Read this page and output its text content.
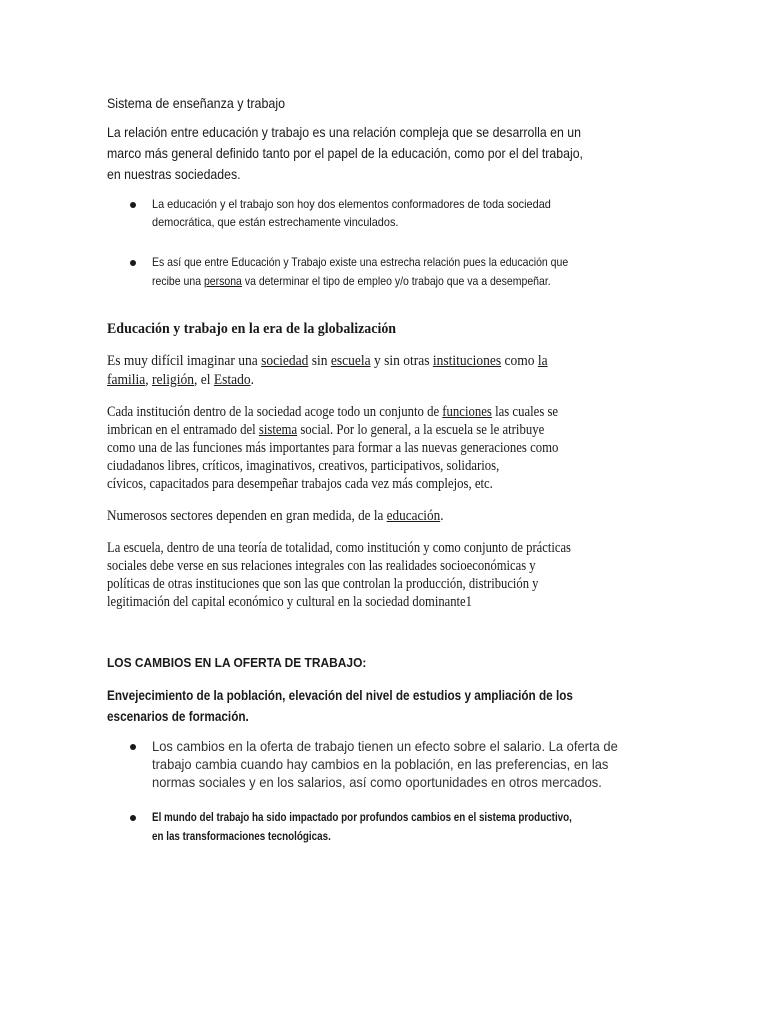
Sistema de enseñanza y trabajo
La relación entre educación y trabajo es una relación compleja que se desarrolla en un
marco más general definido tanto por el papel de la educación, como por el del trabajo,
en nuestras sociedades.
La educación y el trabajo son hoy dos elementos conformadores de toda sociedad
democrática, que están estrechamente vinculados.
Es así que entre Educación y Trabajo existe una estrecha relación pues la educación que
recibe una persona va determinar el tipo de empleo y/o trabajo que va a desempeñar.
Educación y trabajo en la era de la globalización
Es muy difícil imaginar una sociedad sin escuela y sin otras instituciones como la
familia, religión, el Estado.
Cada institución dentro de la sociedad acoge todo un conjunto de funciones las cuales se
imbrican en el entramado del sistema social. Por lo general, a la escuela se le atribuye
como una de las funciones más importantes para formar a las nuevas generaciones como
ciudadanos libres, críticos, imaginativos, creativos, participativos, solidarios,
cívicos, capacitados para desempeñar trabajos cada vez más complejos, etc.
Numerosos sectores dependen en gran medida, de la educación.
La escuela, dentro de una teoría de totalidad, como institución y como conjunto de prácticas
sociales debe verse en sus relaciones integrales con las realidades socioeconómicas y
políticas de otras instituciones que son las que controlan la producción, distribución y
legitimación del capital económico y cultural en la sociedad dominante1
LOS CAMBIOS EN LA OFERTA DE TRABAJO:
Envejecimiento de la población, elevación del nivel de estudios y ampliación de los
escenarios de formación.
Los cambios en la oferta de trabajo tienen un efecto sobre el salario. La oferta de
trabajo cambia cuando hay cambios en la población, en las preferencias, en las
normas sociales y en los salarios, así como oportunidades en otros mercados.
El mundo del trabajo ha sido impactado por profundos cambios en el sistema productivo,
en las transformaciones tecnológicas.
